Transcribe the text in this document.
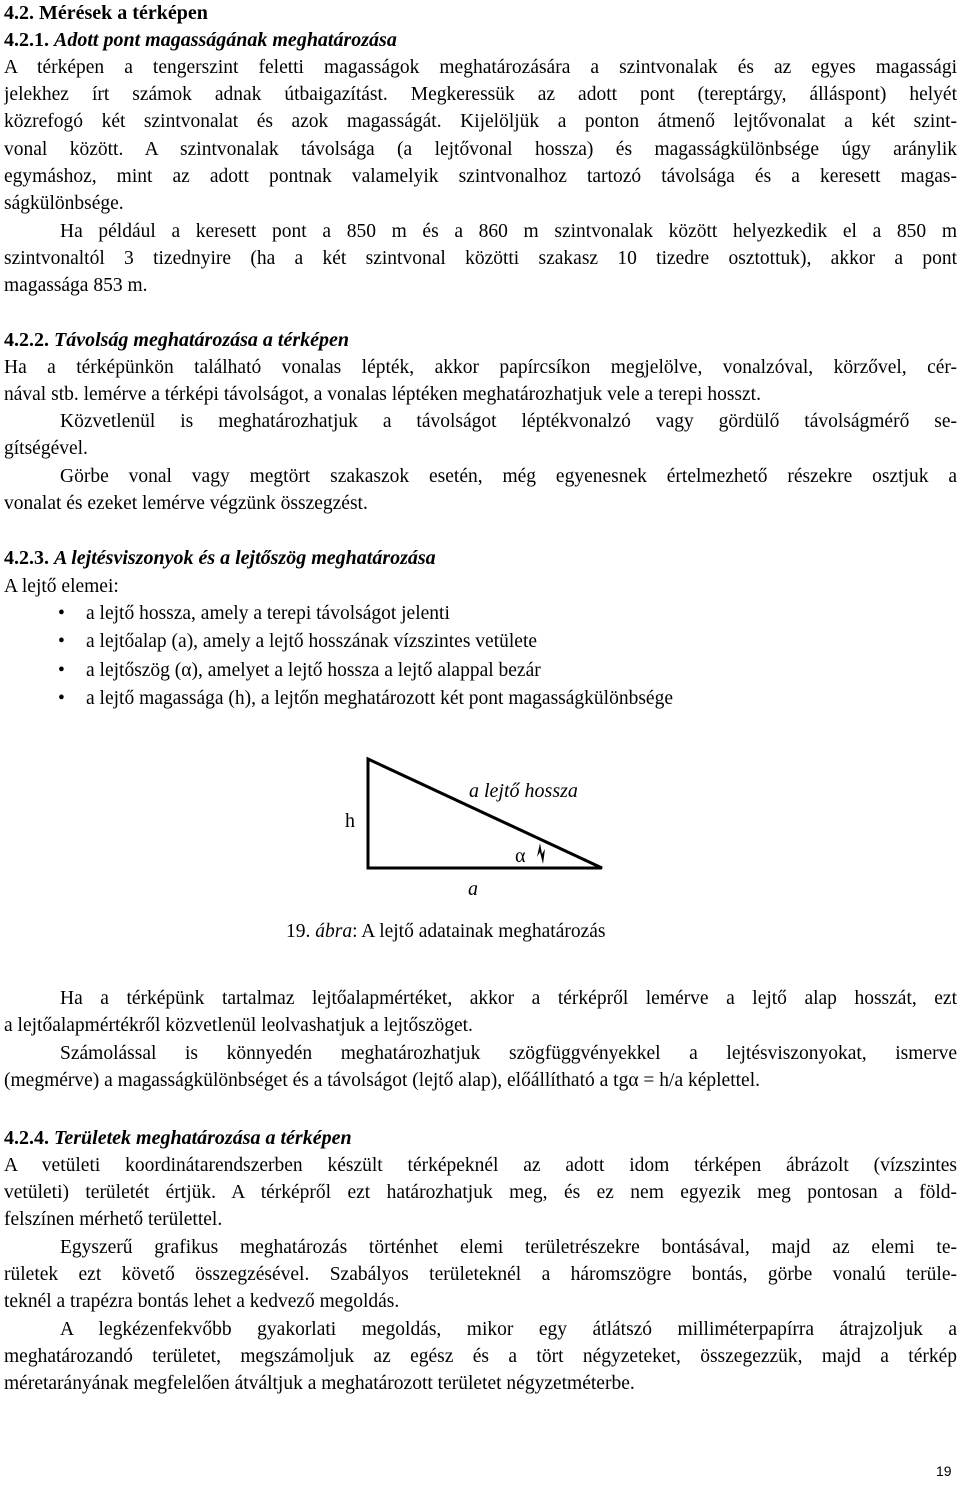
4.2. Mérések a térképen
4.2.1. Adott pont magasságának meghatározása
A térképen a tengerszint feletti magasságok meghatározására a szintvonalak és az egyes magassági
jelekhez írt számok adnak útbaigazítást. Megkeressük az adott pont (tereptárgy, álláspont) helyét
közrefogó két szintvonalat és azok magasságát. Kijelöljük a ponton átmenő lejtővonalat a két szint-
vonal között. A szintvonalak távolsága (a lejtővonal hossza) és magasságkülönbsége úgy aránylik
egymáshoz, mint az adott pontnak valamelyik szintvonalhoz tartozó távolsága és a keresett magas-
ságkülönbsége.
Ha például a keresett pont a 850 m és a 860 m szintvonalak között helyezkedik el a 850 m
szintvonaltól 3 tizednyire (ha a két szintvonal közötti szakasz 10 tizedre osztottuk), akkor a pont
magassága 853 m.
4.2.2. Távolság meghatározása a térképen
Ha a térképünkön található vonalas lépték, akkor papírcsíkon megjelölve, vonalzóval, körzővel, cér-
nával stb. lemérve a térképi távolságot, a vonalas léptéken meghatározhatjuk vele a terepi hosszt.
Közvetlenül is meghatározhatjuk a távolságot léptékvonalzó vagy gördülő távolságmérő se-
gítségével.
Görbe vonal vagy megtört szakaszok esetén, még egyenesnek értelmezhető részekre osztjuk a
vonalat és ezeket lemérve végzünk összegzést.
4.2.3. A lejtésviszonyok és a lejtőszög meghatározása
A lejtő elemei:
• a lejtő hossza, amely a terepi távolságot jelenti
• a lejtőalap (a), amely a lejtő hosszának vízszintes vetülete
• a lejtőszög (α), amelyet a lejtő hossza a lejtő alappal bezár
• a lejtő magassága (h), a lejtőn meghatározott két pont magasságkülönbsége
h
a lejtő hossza
α
a
19. ábra: A lejtő adatainak meghatározás
Ha a térképünk tartalmaz lejtőalapmértéket, akkor a térképről lemérve a lejtő alap hosszát, ezt
a lejtőalapmértékről közvetlenül leolvashatjuk a lejtőszöget.
Számolással is könnyedén meghatározhatjuk szögfüggvényekkel a lejtésviszonyokat, ismerve
(megmérve) a magasságkülönbséget és a távolságot (lejtő alap), előállítható a tgα = h/a képlettel.
4.2.4. Területek meghatározása a térképen
A vetületi koordinátarendszerben készült térképeknél az adott idom térképen ábrázolt (vízszintes
vetületi) területét értjük. A térképről ezt határozhatjuk meg, és ez nem egyezik meg pontosan a föld-
felszínen mérhető területtel.
Egyszerű grafikus meghatározás történhet elemi területrészekre bontásával, majd az elemi te-
rületek ezt követő összegzésével. Szabályos területeknél a háromszögre bontás, görbe vonalú terüle-
teknél a trapézra bontás lehet a kedvező megoldás.
A legkézenfekvőbb gyakorlati megoldás, mikor egy átlátszó milliméterpapírra átrajzoljuk a
meghatározandó területet, megszámoljuk az egész és a tört négyzeteket, összegezzük, majd a térkép
méretarányának megfelelően átváltjuk a meghatározott területet négyzetméterbe.
19
